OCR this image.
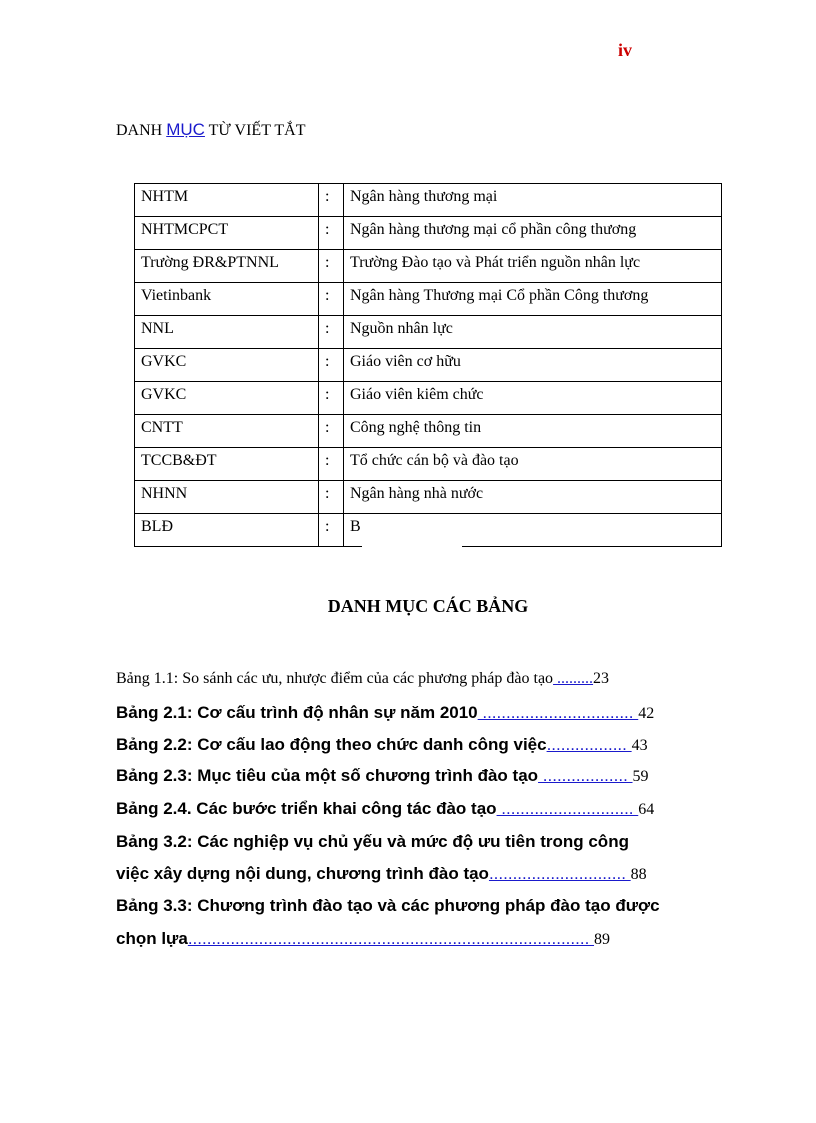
iv
DANH MỤC TỪ VIẾT TẮT
NHTM	:	Ngân hàng thương mại
NHTMCPCT	:	Ngân hàng thương mại cổ phần công thương
Trường ĐR&PTNNL	:	Trường Đào tạo và Phát triển nguồn nhân lực
Vietinbank	:	Ngân hàng Thương mại Cổ phần Công thương
NNL	:	Nguồn nhân lực
GVKC	:	Giáo viên cơ hữu
GVKC	:	Giáo viên kiêm chức
CNTT	:	Công nghệ thông tin
TCCB&ĐT	:	Tổ chức cán bộ và đào tạo
NHNN	:	Ngân hàng nhà nước
BLĐ	:	B
DANH MỤC CÁC BẢNG
Bảng 1.1: So sánh các ưu, nhược điểm của các phương pháp đào tạo .........23
Bảng 2.1: Cơ cấu trình độ nhân sự năm 2010 ................................ 42
Bảng 2.2: Cơ cấu lao động theo chức danh công việc................. 43
Bảng 2.3: Mục tiêu của một số chương trình đào tạo .................. 59
Bảng 2.4. Các bước triển khai công tác đào tạo ............................ 64
Bảng 3.2: Các nghiệp vụ chủ yếu và mức độ ưu tiên trong công
việc xây dựng nội dung, chương trình đào tạo............................. 88
Bảng 3.3: Chương trình đào tạo và các phương pháp đào tạo được
chọn lựa..................................................................................... 89
